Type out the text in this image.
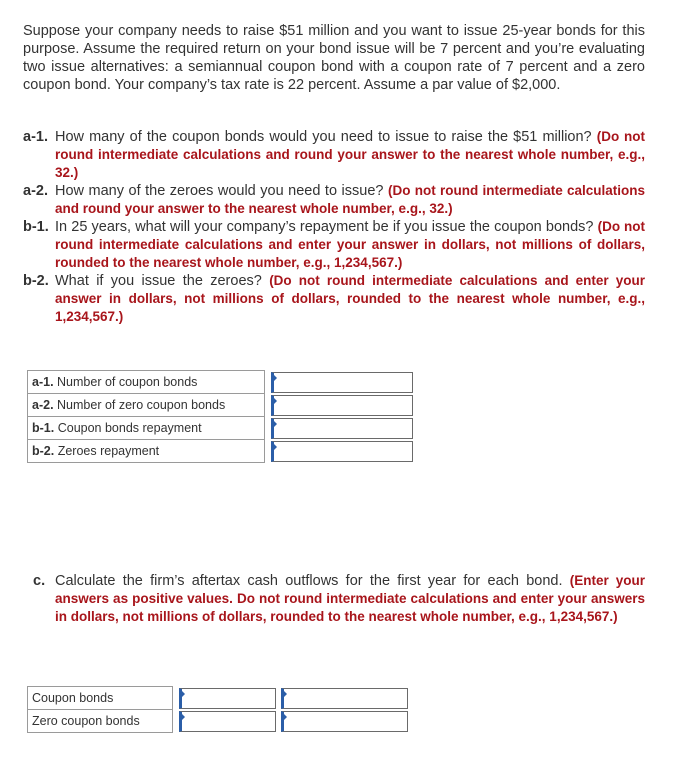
Suppose your company needs to raise $51 million and you want to issue 25-year bonds for this purpose. Assume the required return on your bond issue will be 7 percent and you’re evaluating two issue alternatives: a semiannual coupon bond with a coupon rate of 7 percent and a zero coupon bond. Your company’s tax rate is 22 percent. Assume a par value of $2,000.

a-1. How many of the coupon bonds would you need to issue to raise the $51 million? (Do not round intermediate calculations and round your answer to the nearest whole number, e.g., 32.)
a-2. How many of the zeroes would you need to issue? (Do not round intermediate calculations and round your answer to the nearest whole number, e.g., 32.)
b-1. In 25 years, what will your company’s repayment be if you issue the coupon bonds? (Do not round intermediate calculations and enter your answer in dollars, not millions of dollars, rounded to the nearest whole number, e.g., 1,234,567.)
b-2. What if you issue the zeroes? (Do not round intermediate calculations and enter your answer in dollars, not millions of dollars, rounded to the nearest whole number, e.g., 1,234,567.)
a-1. Number of coupon bonds		

a-2. Number of zero coupon bonds		

b-1. Coupon bonds repayment		

b-2. Zeroes repayment		
c. Calculate the firm’s aftertax cash outflows for the first year for each bond. (Enter your answers as positive values. Do not round intermediate calculations and enter your answers in dollars, not millions of dollars, rounded to the nearest whole number, e.g., 1,234,567.)
Coupon bonds		

Zero coupon bonds		
